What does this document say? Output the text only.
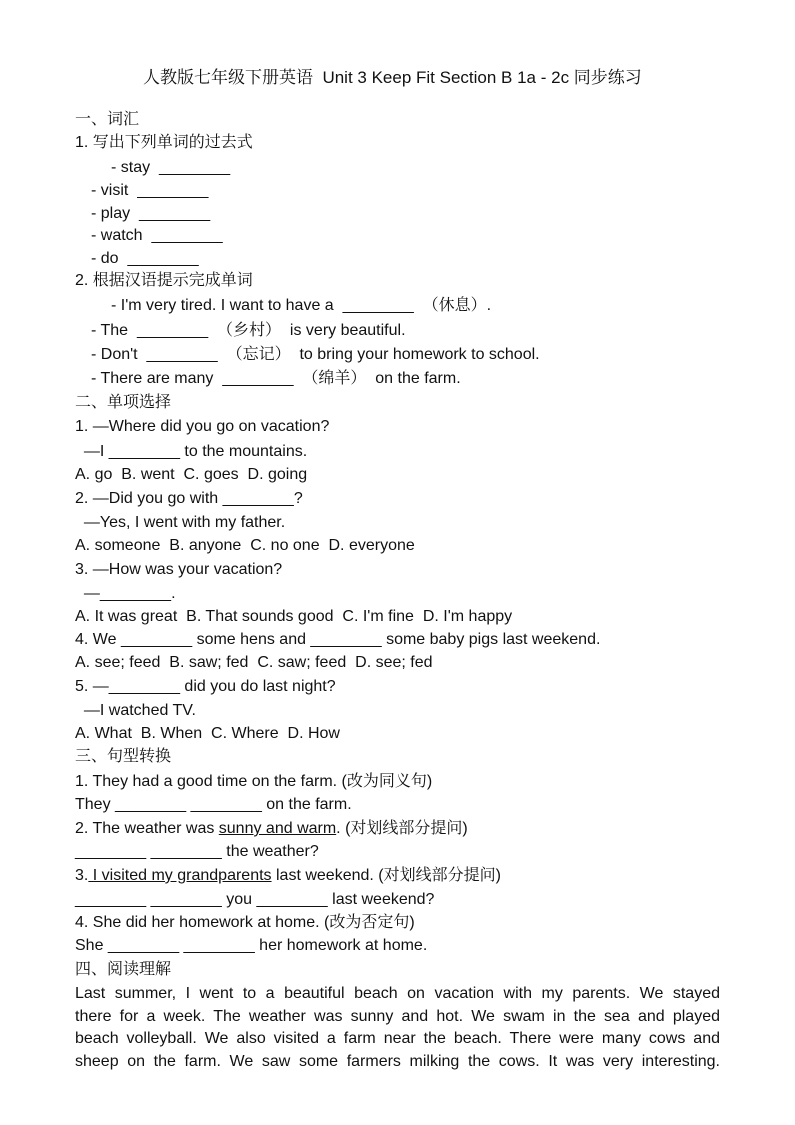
人教版七年级下册英语  Unit 3 Keep Fit Section B 1a - 2c 同步练习
一、词汇
1. 写出下列单词的过去式
- stay  ________
- visit  ________
- play  ________
- watch  ________
- do  ________
2. 根据汉语提示完成单词
- I'm very tired. I want to have a  ________  （休息）.
- The  ________  （乡村）  is very beautiful.
- Don't  ________  （忘记）  to bring your homework to school.
- There are many  ________  （绵羊）  on the farm.
二、单项选择
1. —Where did you go on vacation?
—I ________ to the mountains.
A. go  B. went  C. goes  D. going
2. —Did you go with ________?
—Yes, I went with my father.
A. someone  B. anyone  C. no one  D. everyone
3. —How was your vacation?
—________.
A. It was great  B. That sounds good  C. I'm fine  D. I'm happy
4. We ________ some hens and ________ some baby pigs last weekend.
A. see; feed  B. saw; fed  C. saw; feed  D. see; fed
5. —________ did you do last night?
—I watched TV.
A. What  B. When  C. Where  D. How
三、句型转换
1. They had a good time on the farm. (改为同义句)
They ________ ________ on the farm.
2. The weather was sunny and warm. (对划线部分提问)
________ ________ the weather?
3. I visited my grandparents last weekend. (对划线部分提问)
________ ________ you ________ last weekend?
4. She did her homework at home. (改为否定句)
She ________ ________ her homework at home.
四、阅读理解
Last summer, I went to a beautiful beach on vacation with my parents. We stayed
there for a week. The weather was sunny and hot. We swam in the sea and played
beach volleyball. We also visited a farm near the beach. There were many cows and
sheep on the farm. We saw some farmers milking the cows. It was very interesting.
